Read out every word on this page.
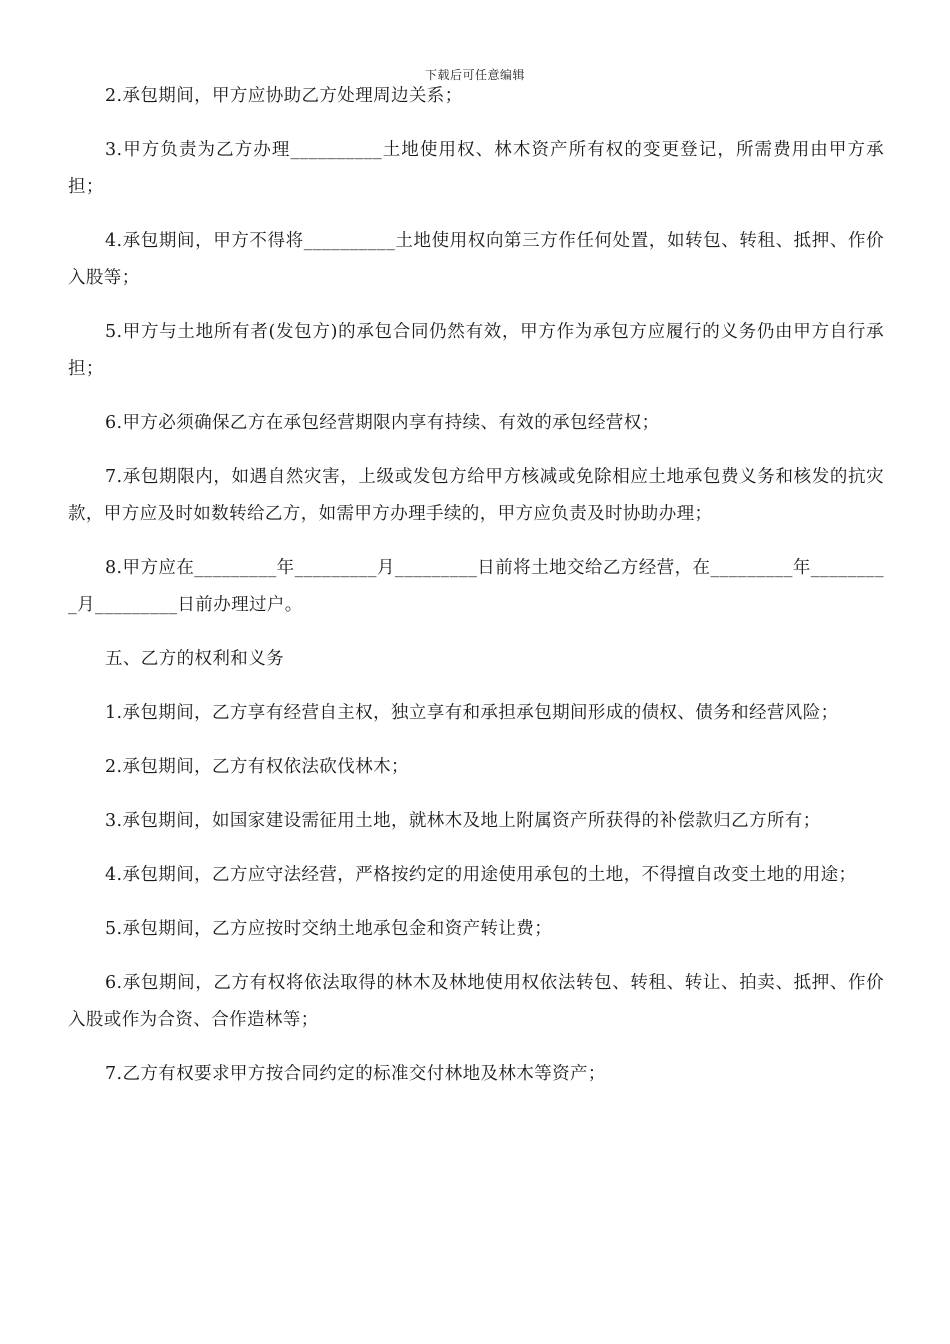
下载后可任意编辑

2.承包期间，甲方应协助乙方处理周边关系；

3.甲方负责为乙方办理__________土地使用权、林木资产所有权的变更登记，所需费用由甲方承担；

4.承包期间，甲方不得将__________土地使用权向第三方作任何处置，如转包、转租、抵押、作价入股等；

5.甲方与土地所有者(发包方)的承包合同仍然有效，甲方作为承包方应履行的义务仍由甲方自行承担；

6.甲方必须确保乙方在承包经营期限内享有持续、有效的承包经营权；

7.承包期限内，如遇自然灾害，上级或发包方给甲方核减或免除相应土地承包费义务和核发的抗灾款，甲方应及时如数转给乙方，如需甲方办理手续的，甲方应负责及时协助办理；

8.甲方应在_________年_________月_________日前将土地交给乙方经营，在_________年_________月_________日前办理过户。

五、乙方的权利和义务

1.承包期间，乙方享有经营自主权，独立享有和承担承包期间形成的债权、债务和经营风险；

2.承包期间，乙方有权依法砍伐林木；

3.承包期间，如国家建设需征用土地，就林木及地上附属资产所获得的补偿款归乙方所有；

4.承包期间，乙方应守法经营，严格按约定的用途使用承包的土地，不得擅自改变土地的用途；

5.承包期间，乙方应按时交纳土地承包金和资产转让费；

6.承包期间，乙方有权将依法取得的林木及林地使用权依法转包、转租、转让、拍卖、抵押、作价入股或作为合资、合作造林等；

7.乙方有权要求甲方按合同约定的标准交付林地及林木等资产；
